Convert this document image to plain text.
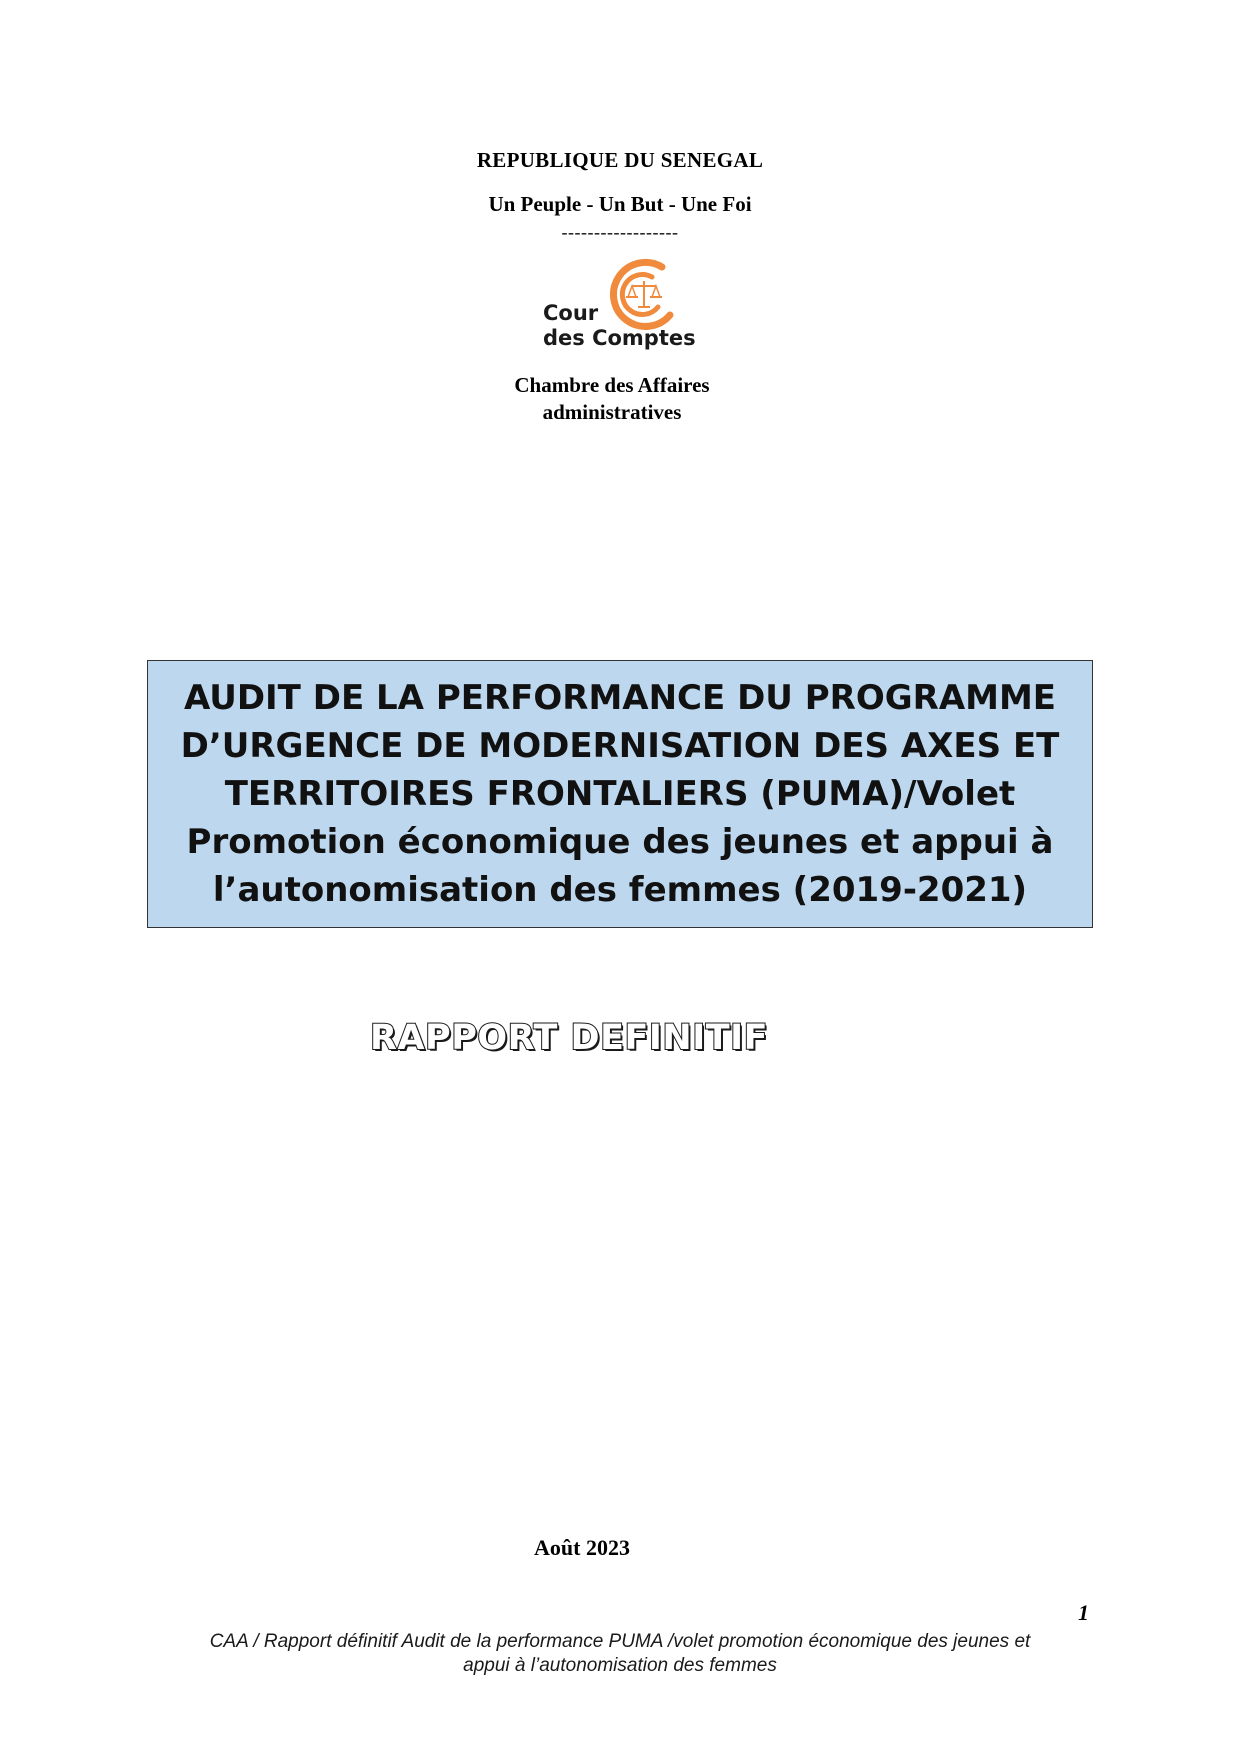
REPUBLIQUE DU SENEGAL
Un Peuple - Un But - Une Foi
------------------
Cour
des Comptes
Chambre des Affaires
administratives
AUDIT DE LA PERFORMANCE DU PROGRAMME
D’URGENCE DE MODERNISATION DES AXES ET
TERRITOIRES FRONTALIERS (PUMA)/Volet
Promotion économique des jeunes et appui à
l’autonomisation des femmes (2019-2021)
RAPPORT DEFINITIF
Août 2023
1
CAA / Rapport définitif Audit de la performance PUMA /volet promotion économique des jeunes et
appui à l’autonomisation des femmes
